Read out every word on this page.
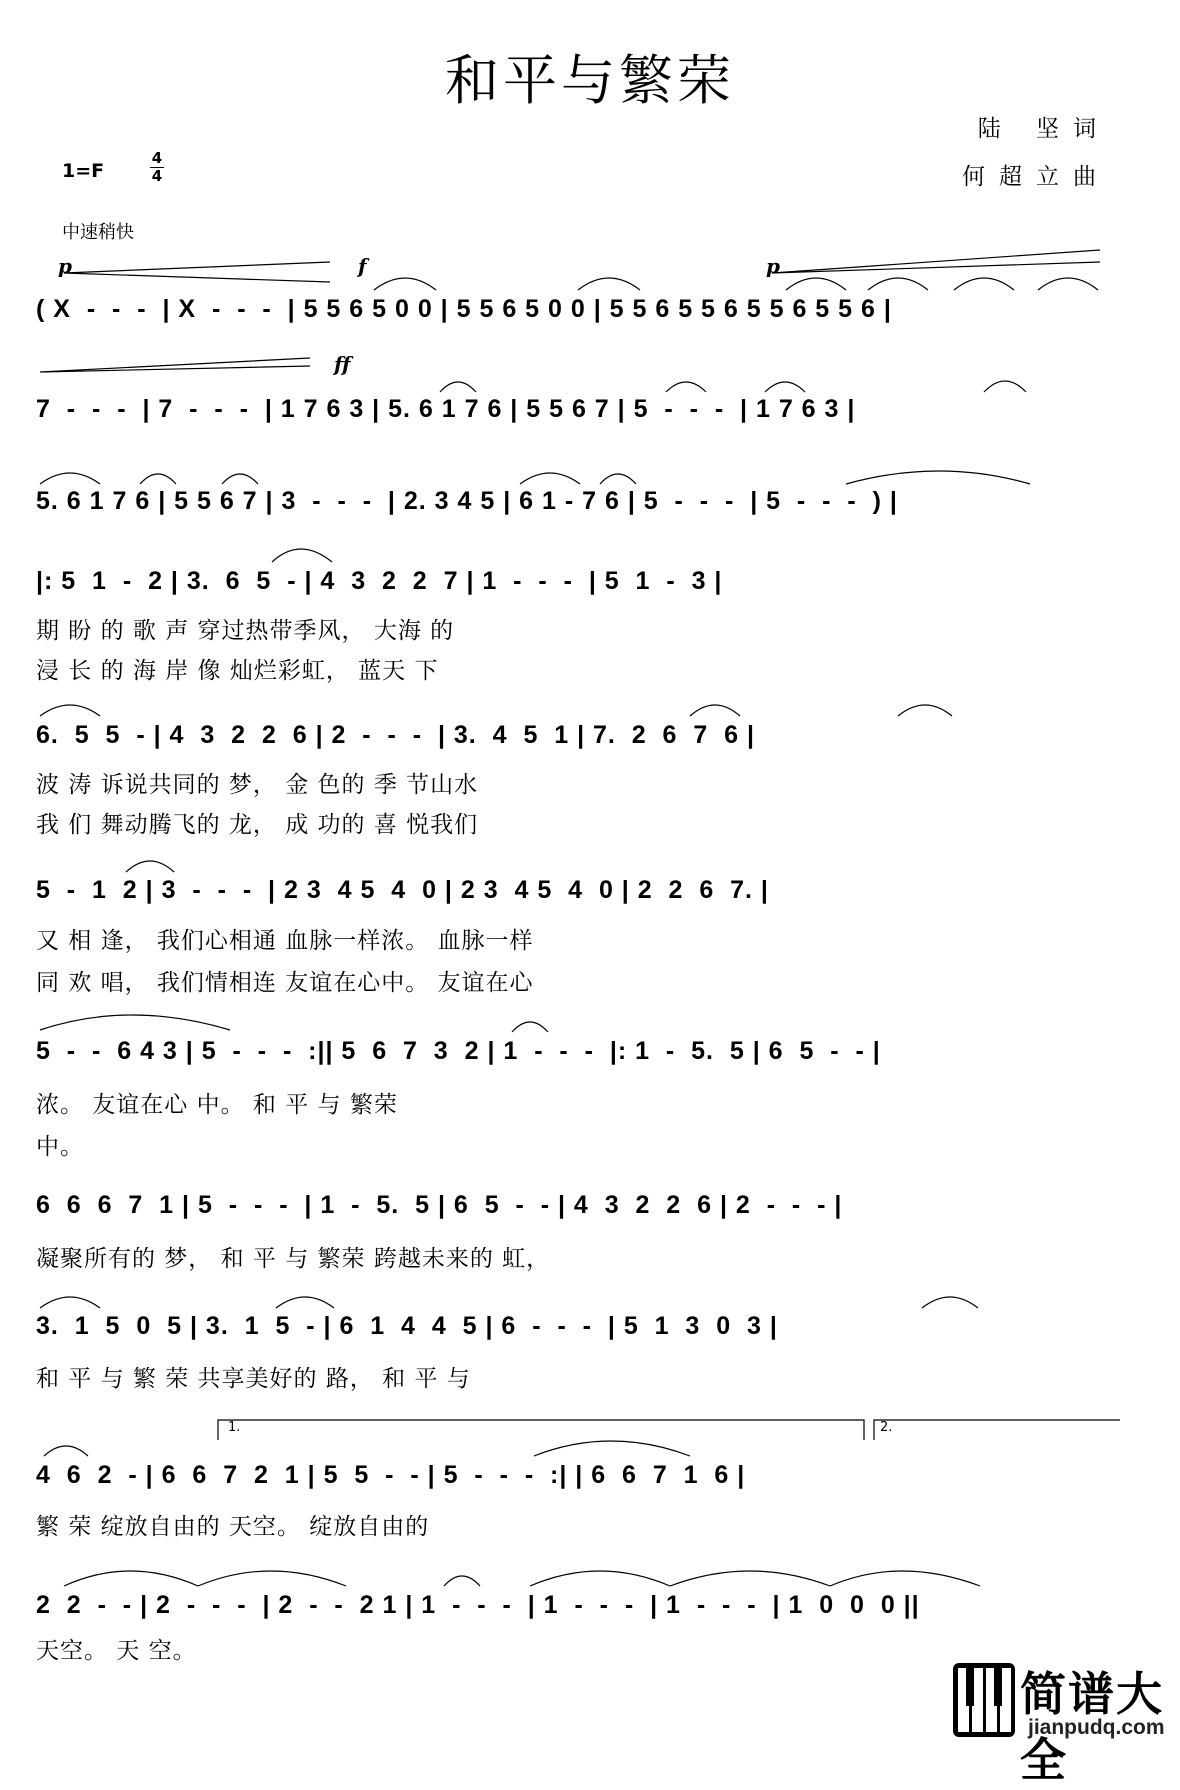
和平与繁荣
陆 坚词
何超立曲
1=F
4
4
中速稍快
p	f	p
ff
( X  -  -  -  | X  -  -  -  | 5 5 6 5 0 0 | 5 5 6 5 0 0 | 5 5 6 5 5 6 5 5 6 5 5 6 |
7  -  -  -  | 7  -  -  -  | 1 7 6 3 | 5. 6 1 7 6 | 5 5 6 7 | 5  -  -  -  | 1 7 6 3 |
5. 6 1 7 6 | 5 5 6 7 | 3  -  -  -  | 2. 3 4 5 | 6 1 - 7 6 | 5  -  -  -  | 5  -  -  -  ) |
|: 5  1  -  2 | 3.  6  5  - | 4  3  2  2  7 | 1  -  -  -  | 5  1  -  3 |
6.  5  5  - | 4  3  2  2  6 | 2  -  -  -  | 3.  4  5  1 | 7.  2  6  7  6 |
5  -  1  2 | 3  -  -  -  | 2 3  4 5  4  0 | 2 3  4 5  4  0 | 2  2  6  7. |
5  -  -  6 4 3 | 5  -  -  -  :|| 5  6  7  3  2 | 1  -  -  -  |: 1  -  5.  5 | 6  5  -  - |
6  6  6  7  1 | 5  -  -  -  | 1  -  5.  5 | 6  5  -  - | 4  3  2  2  6 | 2  -  -  - |
3.  1  5  0  5 | 3.  1  5  - | 6  1  4  4  5 | 6  -  -  -  | 5  1  3  0  3 |
4  6  2  - | 6  6  7  2  1 | 5  5  -  - | 5  -  -  -  :| | 6  6  7  1  6 |
2  2  -  - | 2  -  -  -  | 2  -  -  2 1 | 1  -  -  -  | 1  -  -  -  | 1  -  -  -  | 1  0  0  0 ||
期 盼 的 歌 声 穿过热带季风， 大海 的
浸 长 的 海 岸 像 灿烂彩虹， 蓝天 下
波 涛 诉说共同的 梦， 金 色的 季 节山水
我 们 舞动腾飞的 龙， 成 功的 喜 悦我们
又 相 逢， 我们心相通 血脉一样浓。 血脉一样
同 欢 唱， 我们情相连 友谊在心中。 友谊在心
浓。 友谊在心 中。 和 平 与 繁荣
中。
凝聚所有的 梦， 和 平 与 繁荣 跨越未来的 虹，
和 平 与 繁 荣 共享美好的 路， 和 平 与
繁 荣 绽放自由的 天空。 绽放自由的
天空。 天 空。
1.	2.
简谱大全
jianpudq.com
